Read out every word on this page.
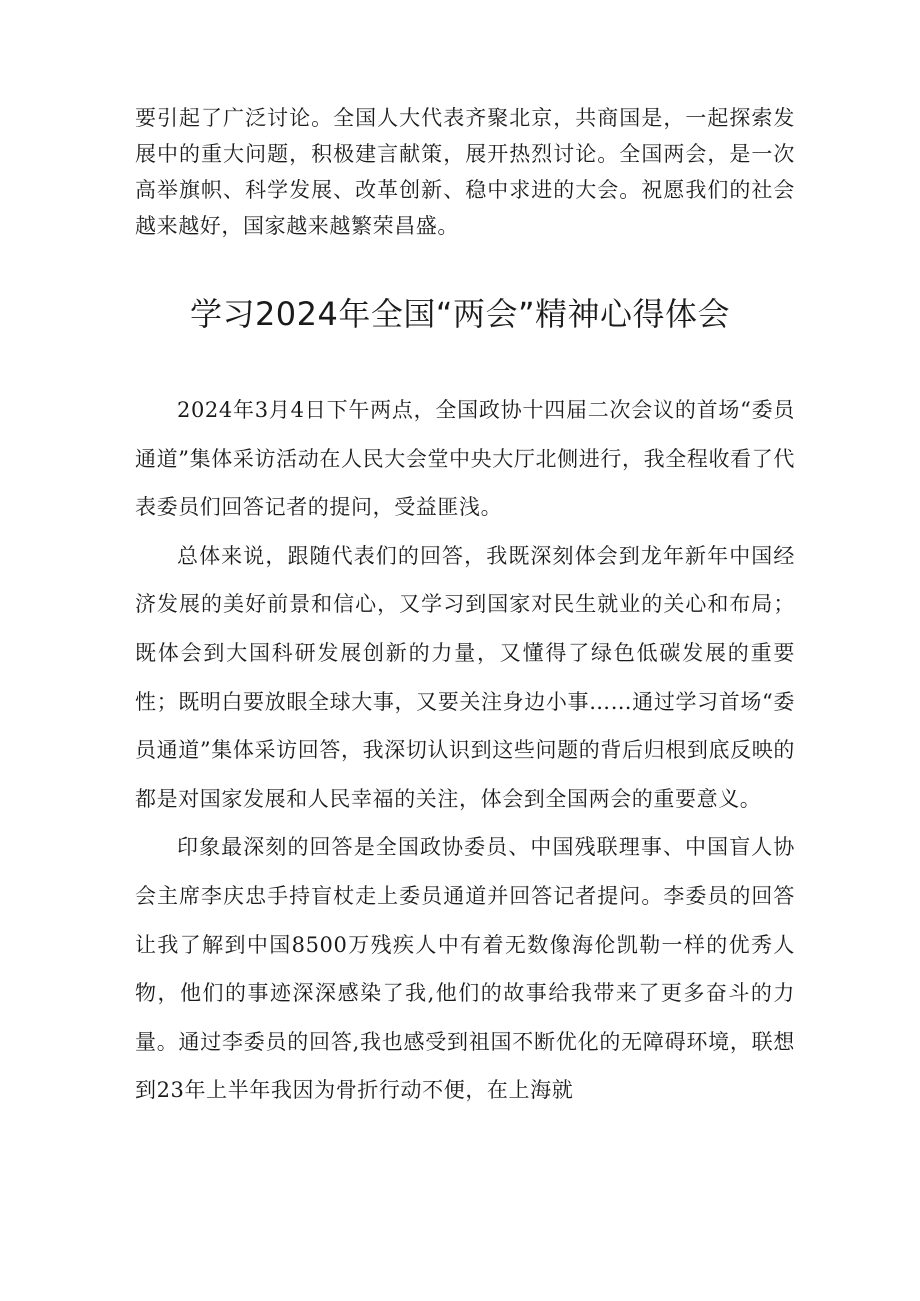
要引起了广泛讨论。全国人大代表齐聚北京，共商国是，一起探索发展中的重大问题，积极建言献策，展开热烈讨论。全国两会，是一次高举旗帜、科学发展、改革创新、稳中求进的大会。祝愿我们的社会越来越好，国家越来越繁荣昌盛。

学习2024年全国“两会”精神心得体会

2024年3月4日下午两点，全国政协十四届二次会议的首场“委员通道”集体采访活动在人民大会堂中央大厅北侧进行，我全程收看了代表委员们回答记者的提问，受益匪浅。

总体来说，跟随代表们的回答，我既深刻体会到龙年新年中国经济发展的美好前景和信心，又学习到国家对民生就业的关心和布局；既体会到大国科研发展创新的力量，又懂得了绿色低碳发展的重要性；既明白要放眼全球大事，又要关注身边小事……通过学习首场“委员通道”集体采访回答，我深切认识到这些问题的背后归根到底反映的都是对国家发展和人民幸福的关注，体会到全国两会的重要意义。

印象最深刻的回答是全国政协委员、中国残联理事、中国盲人协会主席李庆忠手持盲杖走上委员通道并回答记者提问。李委员的回答让我了解到中国8500万残疾人中有着无数像海伦凯勒一样的优秀人物，他们的事迹深深感染了我,他们的故事给我带来了更多奋斗的力量。通过李委员的回答,我也感受到祖国不断优化的无障碍环境，联想到23年上半年我因为骨折行动不便，在上海就
